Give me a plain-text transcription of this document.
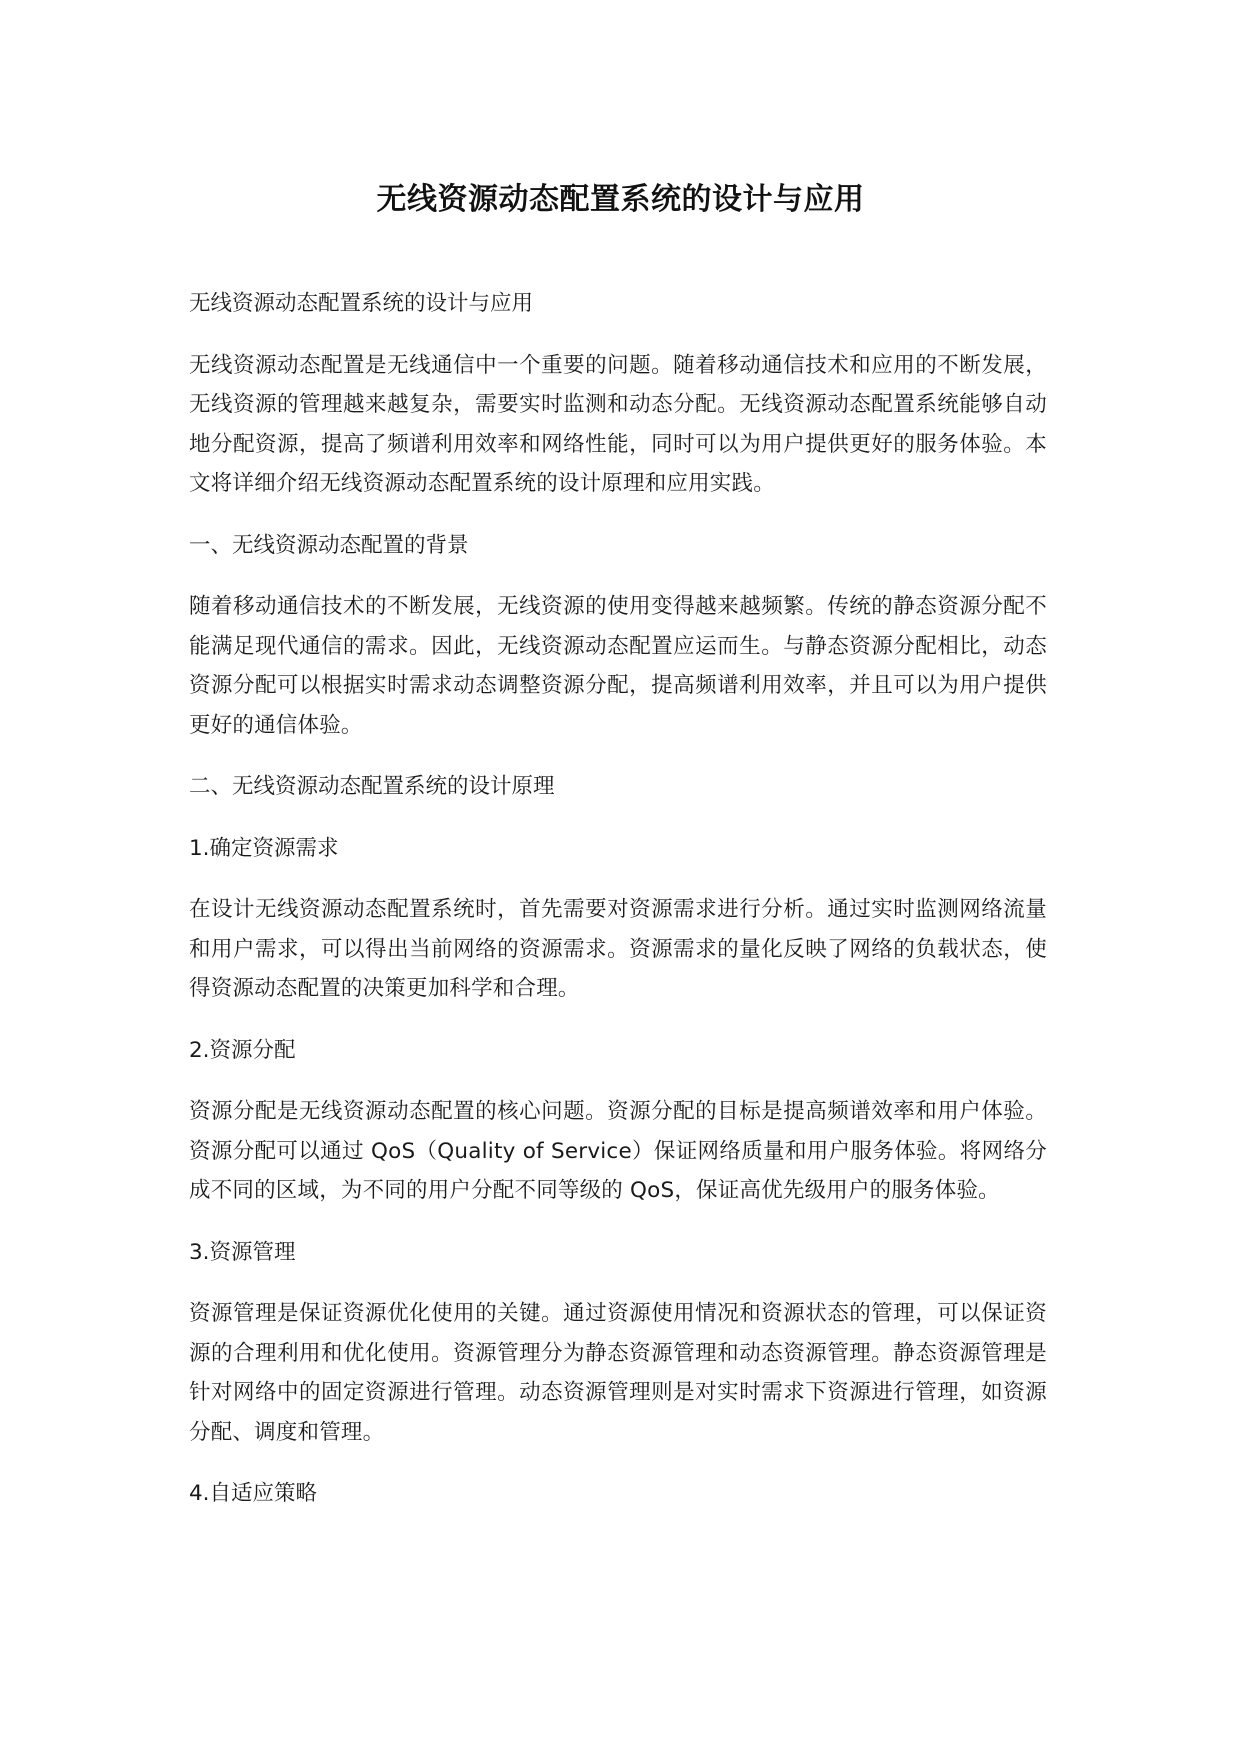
无线资源动态配置系统的设计与应用

无线资源动态配置系统的设计与应用

无线资源动态配置是无线通信中一个重要的问题。随着移动通信技术和应用的不断发展，无线资源的管理越来越复杂，需要实时监测和动态分配。无线资源动态配置系统能够自动地分配资源，提高了频谱利用效率和网络性能，同时可以为用户提供更好的服务体验。本文将详细介绍无线资源动态配置系统的设计原理和应用实践。

一、无线资源动态配置的背景

随着移动通信技术的不断发展，无线资源的使用变得越来越频繁。传统的静态资源分配不能满足现代通信的需求。因此，无线资源动态配置应运而生。与静态资源分配相比，动态资源分配可以根据实时需求动态调整资源分配，提高频谱利用效率，并且可以为用户提供更好的通信体验。

二、无线资源动态配置系统的设计原理

1.确定资源需求

在设计无线资源动态配置系统时，首先需要对资源需求进行分析。通过实时监测网络流量和用户需求，可以得出当前网络的资源需求。资源需求的量化反映了网络的负载状态，使得资源动态配置的决策更加科学和合理。

2.资源分配

资源分配是无线资源动态配置的核心问题。资源分配的目标是提高频谱效率和用户体验。资源分配可以通过 QoS（Quality of Service）保证网络质量和用户服务体验。将网络分成不同的区域，为不同的用户分配不同等级的 QoS，保证高优先级用户的服务体验。

3.资源管理

资源管理是保证资源优化使用的关键。通过资源使用情况和资源状态的管理，可以保证资源的合理利用和优化使用。资源管理分为静态资源管理和动态资源管理。静态资源管理是针对网络中的固定资源进行管理。动态资源管理则是对实时需求下资源进行管理，如资源分配、调度和管理。

4.自适应策略
